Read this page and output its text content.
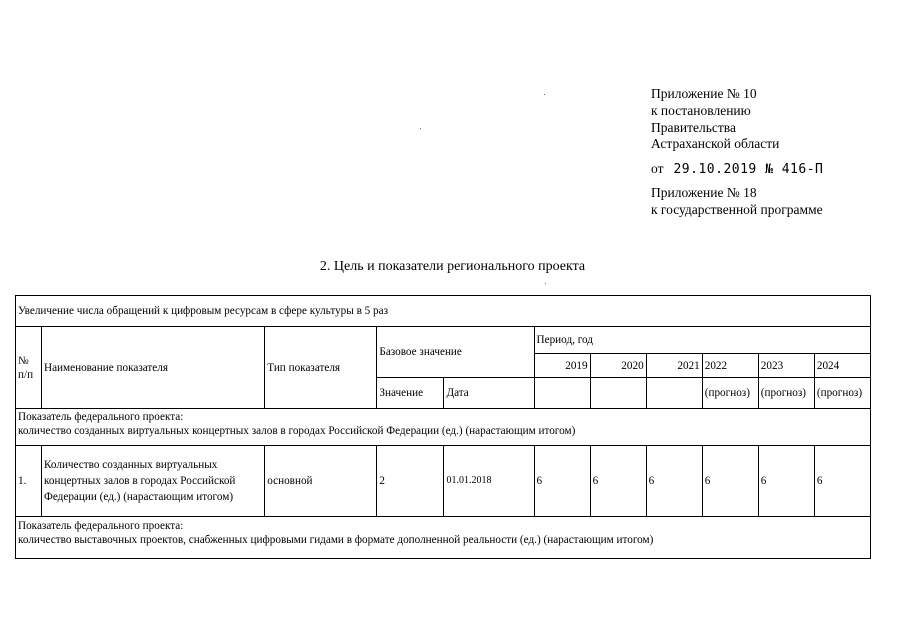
Приложение № 10
к постановлению
Правительства
Астраханской области
от 29.10.2019 № 416-П
Приложение № 18
к государственной программе
2. Цель и показатели регионального проекта
Увеличение числа обращений к цифровым ресурсам в сфере культуры в 5 раз										
№ п/п	Наименование показателя	Тип показателя	Базовое значение		Период, год					
					2019	2020	2021	2022	2023	2024
			Значение	Дата				(прогноз)	(прогноз)	(прогноз)

Показатель федерального проекта:
количество созданных виртуальных концертных залов в городах Российской Федерации (ед.) (нарастающим итогом)										

1.	Количество созданных виртуальных концертных залов в городах Российской Федерации (ед.) (нарастающим итогом)	основной	2	01.01.2018	6	6	6	6	6	6

Показатель федерального проекта:
количество выставочных проектов, снабженных цифровыми гидами в формате дополненной реальности (ед.) (нарастающим итогом)										
